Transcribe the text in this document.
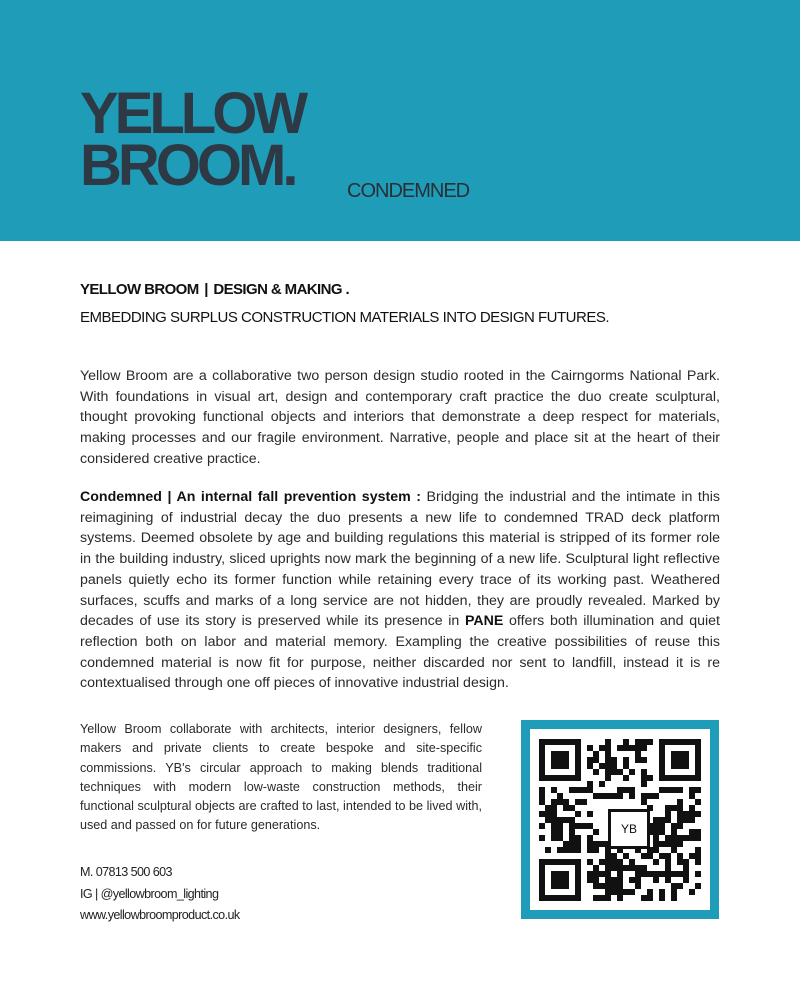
YELLOW
BROOM.	CONDEMNED
YELLOW BROOM | DESIGN & MAKING .
EMBEDDING SURPLUS CONSTRUCTION MATERIALS INTO DESIGN FUTURES.
Yellow Broom are a collaborative two person design studio rooted in the Cairngorms National Park. With foundations in visual art, design and contemporary craft practice the duo create sculptural, thought provoking functional objects and interiors that demonstrate a deep respect for materials, making processes and our fragile environment. Narrative, people and place sit at the heart of their considered creative practice.
Condemned | An internal fall prevention system : Bridging the industrial and the intimate in this reimagining of industrial decay the duo presents a new life to condemned TRAD deck platform systems. Deemed obsolete by age and building regulations this material is stripped of its former role in the building industry, sliced uprights now mark the beginning of a new life. Sculptural light reflective panels quietly echo its former function while retaining every trace of its working past. Weathered surfaces, scuffs and marks of a long service are not hidden, they are proudly revealed. Marked by decades of use its story is preserved while its presence in PANE offers both illumination and quiet reflection both on labor and material memory. Exampling the creative possibilities of reuse this condemned material is now fit for purpose, neither discarded nor sent to landfill, instead it is re contextualised through one off pieces of innovative industrial design.
Yellow Broom collaborate with architects, interior designers, fellow makers and private clients to create bespoke and site-specific commissions. YB's circular approach to making blends traditional techniques with modern low-waste construction methods, their functional sculptural objects are crafted to last, intended to be lived with, used and passed on for future generations.
M. 07813 500 603
IG | @yellowbroom_lighting
www.yellowbroomproduct.co.uk
YB
